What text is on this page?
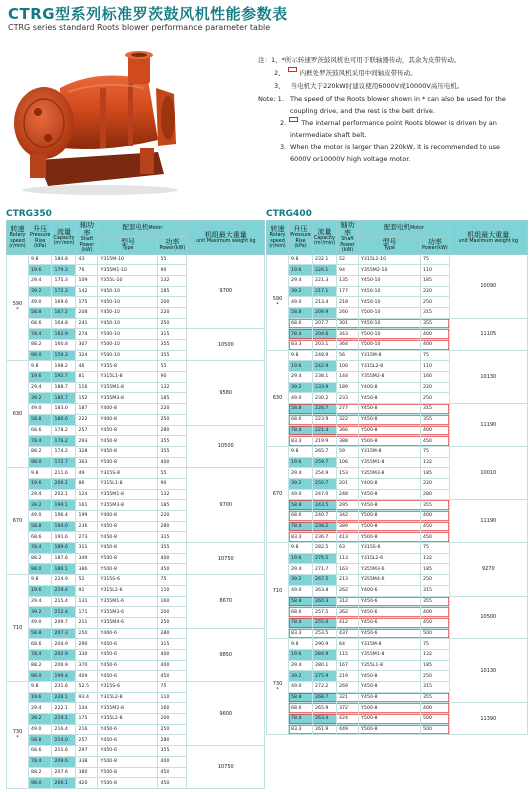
CTRG型系列标准罗茨鼓风机性能参数表
CTRG series standard Roots blower performance parameter table
注：1、 *所示转速罗茨鼓风机也可用于联轴器传动，其余为皮带传动。
2、 内框处罗茨鼓风机采用中间轴皮带传动。
3、 当电机大于220kW时建议使用6000V或10000V高压电机。
Note: 1. The speed of the Roots blower shown in * can also be used for the
coupling drive, and the rest is the belt drive.
2. The internal performance point Roots blower is driven by an
intermediate shaft belt.
3. When the motor is larger than 220kW, it is recommended to use
6000V or10000V high voltage motor.
CTRG350
转速
Rotary speed (r/min)	升压
Pressure Rise (kPa)	流量
Capacity (m³/min)	轴功率
Shaft Power (kW)	配套电机Motor		机组最大重量
unit Maximum weight kg

				型号
Type	功率
Power(kW)	

590
*	9.8	184.8	43	Y315M-10	55	9700
	19.6	179.3	76	Y355M1-10	90	
	29.4	175.3	109	Y355L-10	132	
	39.2	172.3	142	Y450-10	185	
	49.0	169.6	175	Y450-10	200	
	58.8	167.2	208	Y450-10	220	
	68.6	164.8	241	Y450-10	250	
	78.4	162.9	274	Y500-10	315	10500
	88.2	160.8	307	Y500-10	355	
	98.0	159.3	324	Y500-10	355	

630	9.8	198.2	46	Y355-8	55	9580
	19.6	192.7	81	Y315L1-8	90	
	29.4	188.7	116	Y355M1-8	132	
	39.2	185.7	152	Y355M3-8	185	
	49.0	183.0	187	Y400-8	220	
	58.8	180.6	222	Y400-8	250	
	68.6	178.2	257	Y450-8	280	10500
	78.4	176.2	293	Y450-8	355	
	88.2	174.2	328	Y450-8	355	
	98.0	172.7	363	Y500-8	400	

670	9.8	211.6	49	Y315S-8	55	9700
	19.6	206.1	86	Y315L1-8	90	
	29.4	202.1	124	Y355M1-8	132	
	39.2	199.1	161	Y355M3-8	185	
	49.0	196.4	199	Y400-8	220	
	58.8	194.0	236	Y450-8	280	
	68.6	191.6	273	Y450-8	315	
	78.4	189.6	311	Y450-8	355	10750
	88.2	187.6	349	Y500-8	400	
	98.0	186.1	386	Y500-8	450	

710	9.8	224.9	52	Y315S-6	75	8670
	19.6	219.4	91	Y315L2-6	110	
	29.4	215.4	131	Y355M1-6	160	
	39.2	212.4	171	Y355M3-6	200	
	49.0	209.7	211	Y355M4-6	250	
	58.8	207.3	250	Y400-6	280	9850
	68.6	204.9	290	Y450-6	315	
	78.4	202.9	330	Y450-6	400	
	88.2	200.9	370	Y450-6	400	
	98.0	199.4	409	Y450-6	450	

730
*	9.8	231.6	52.5	Y315S-6	75	9600
	19.6	226.1	93.4	Y315L2-8	110	
	29.4	222.1	134	Y355M2-8	160	
	39.2	219.1	175	Y355L2-8	200	
	49.0	216.4	216	Y450-6	250	
	58.8	214.0	257	Y450-6	280	
	68.6	211.6	297	Y450-6	355	10750
	78.4	209.6	338	Y500-8	400	
	88.2	207.6	380	Y500-8	450	
	98.0	206.1	420	Y500-8	450	
CTRG400
转速
Rotary speed (r/min)	升压
Pressure Rise (kPa)	流量
Capacity (m³/min)	轴功率
Shaft Power (kW)	配套电机Motor		机组最大重量
unit Maximum weight kg

				型号
Type	功率
Power(kW)	

590
*	9.8	232.1	52	Y315L2-10	75	10090
	19.6	226.1	94	Y355M2-10	110	
	29.4	221.3	135	Y450-10	185	
	39.2	217.1	177	Y450-10	220	
	49.0	213.4	218	Y450-10	250	
	58.8	209.9	260	Y500-10	315	
	68.6	207.7	301	Y450-10	355	11105
	78.4	204.6	343	Y500-10	400	
	83.3	203.1	364	Y500-10	400	

630	9.8	248.9	56	Y315M-8	75	10130
	19.6	242.9	100	Y315L2-8	110	
	29.4	238.1	144	Y355M2-8	160	
	39.2	233.9	189	Y400-8	220	
	49.0	230.2	233	Y450-8	250	
	58.8	226.7	277	Y450-8	315	11190
	68.6	223.9	322	Y450-8	355	
	78.4	221.4	366	Y500-8	400	
	83.3	219.9	388	Y500-8	450	

670	9.8	265.7	59	Y315M-8	75	10010
	19.6	259.7	106	Y355M1-8	132	
	29.4	254.9	153	Y355M3-8	185	
	39.2	250.7	201	Y400-8	220	
	49.0	247.0	248	Y450-8	280	
	58.8	243.5	295	Y450-8	355	11190
	68.6	240.7	342	Y500-8	400	
	78.4	238.2	389	Y500-8	450	
	83.3	236.7	413	Y500-8	450	

710	9.8	282.5	63	Y315S-6	75	9270
	19.6	276.5	113	Y315L2-6	132	
	29.4	271.7	163	Y355M3-6	185	
	39.2	267.5	213	Y355M4-6	250	
	49.0	263.8	262	Y400-6	315	
	58.8	260.3	312	Y450-6	355	10500
	68.6	257.5	362	Y450-6	400	
	78.4	255.0	412	Y450-6	450	
	83.3	253.5	437	Y450-6	500	

730
*	9.8	290.9	64	Y315M-8	75	10130
	19.6	284.9	115	Y355M1-8	132	
	29.4	280.1	167	Y355L1-8	185	
	39.2	275.9	219	Y450-8	250	
	49.0	272.2	269	Y450-8	315	
	58.8	268.7	321	Y450-8	355	
	68.6	265.9	372	Y500-8	400	11390
	78.4	263.4	424	Y500-8	500	
	83.3	261.9	449	Y500-8	500	
